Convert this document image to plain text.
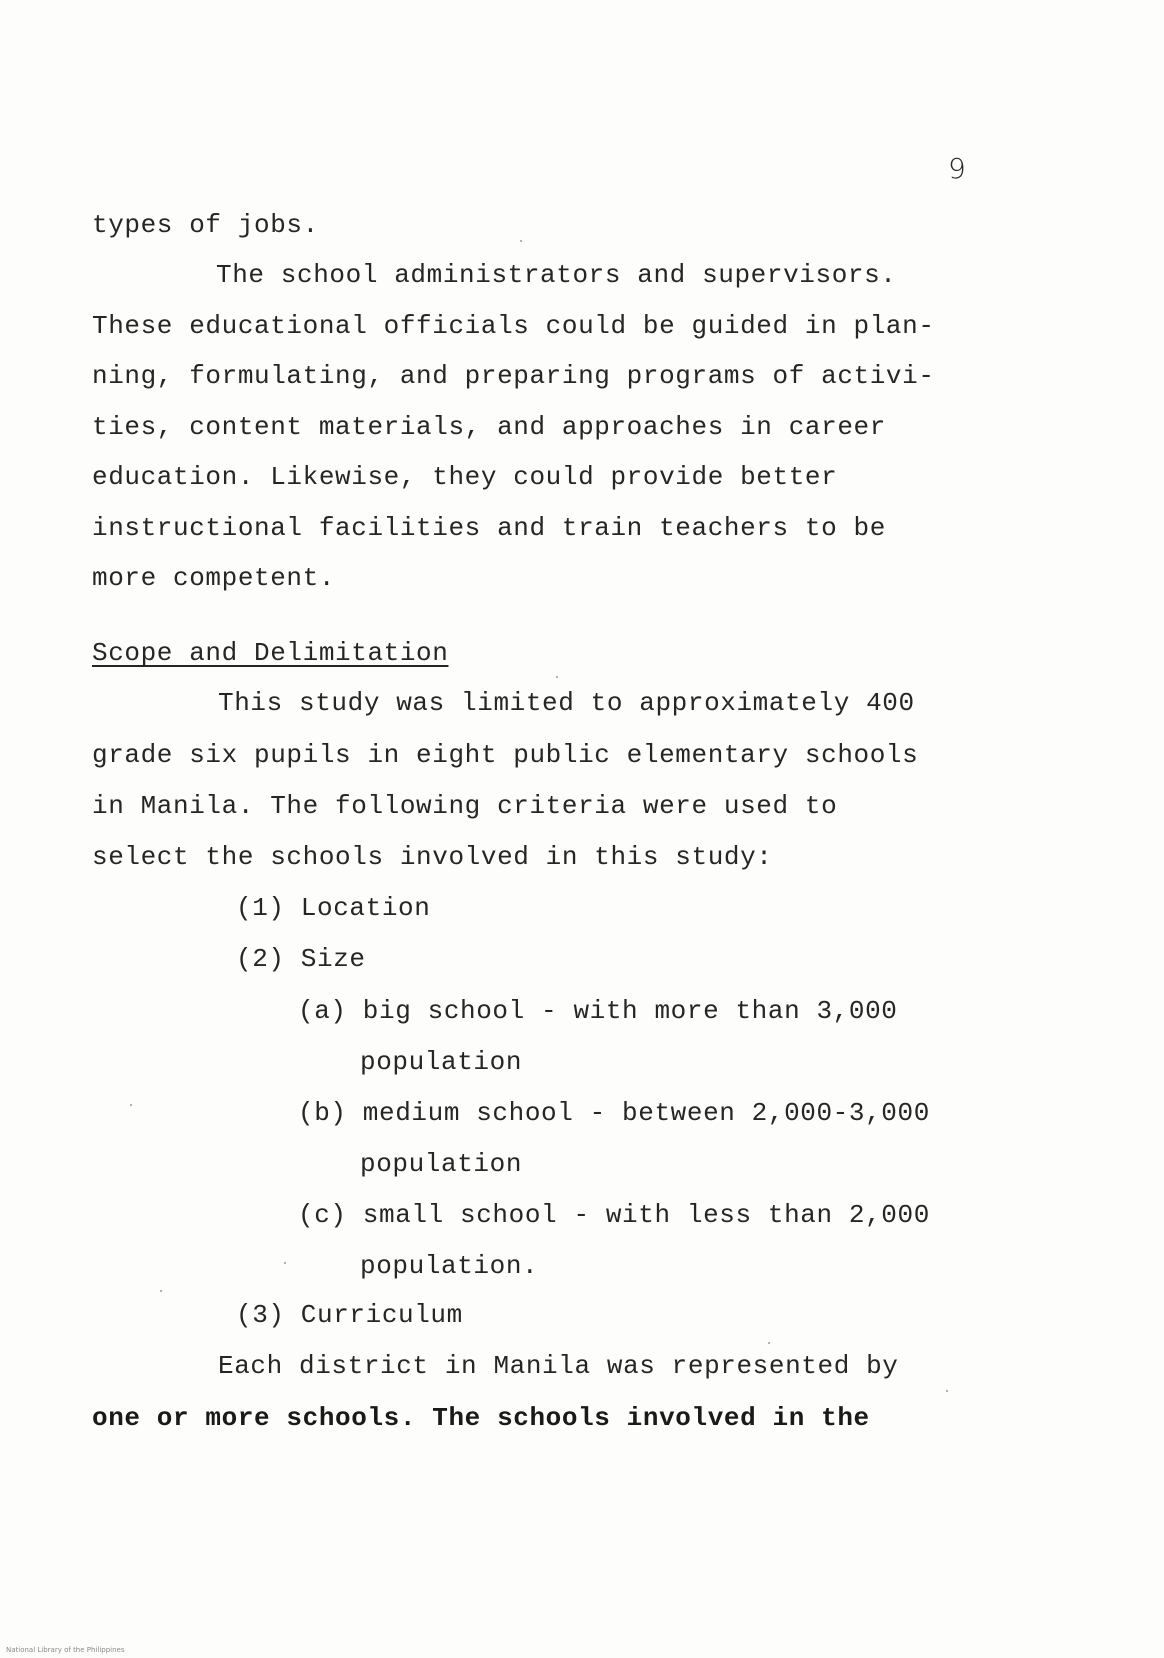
9
types of jobs.
The school administrators and supervisors.
These educational officials could be guided in plan-
ning, formulating, and preparing programs of activi-
ties, content materials, and approaches in career
education. Likewise, they could provide better
instructional facilities and train teachers to be
more competent.
Scope and Delimitation
This study was limited to approximately 400
grade six pupils in eight public elementary schools
in Manila. The following criteria were used to
select the schools involved in this study:
(1) Location
(2) Size
(a) big school - with more than 3,000
population
(b) medium school - between 2,000-3,000
population
(c) small school - with less than 2,000
population.
(3) Curriculum
Each district in Manila was represented by
one or more schools. The schools involved in the
National Library of the Philippines
